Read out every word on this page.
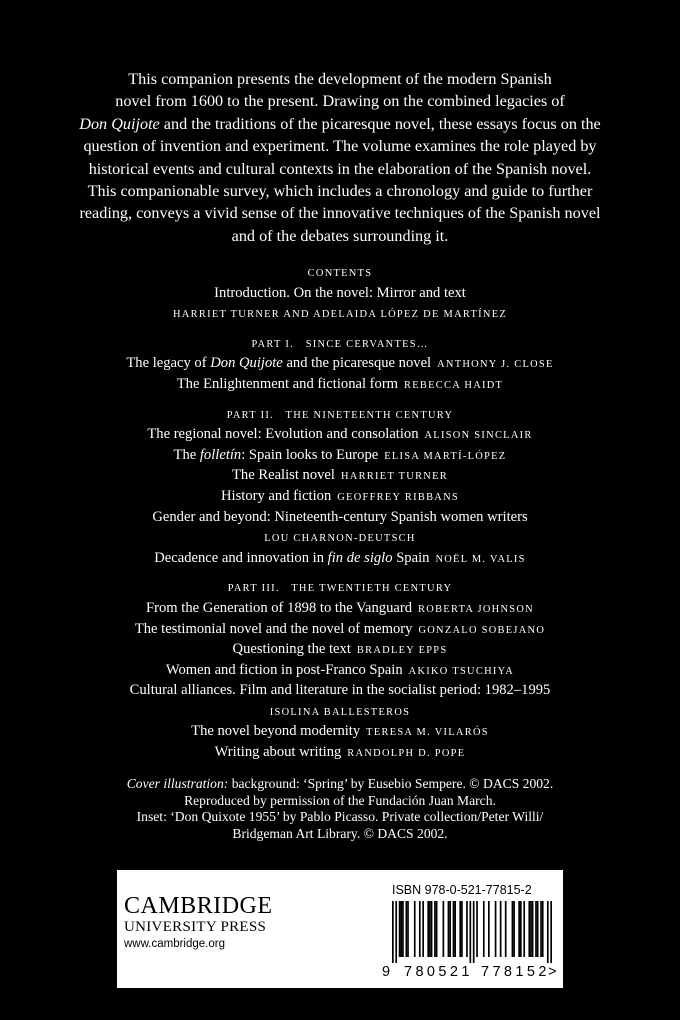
This companion presents the development of the modern Spanish

novel from 1600 to the present. Drawing on the combined legacies of

Don Quijote and the traditions of the picaresque novel, these essays focus on the

question of invention and experiment. The volume examines the role played by

historical events and cultural contexts in the elaboration of the Spanish novel.

This companionable survey, which includes a chronology and guide to further

reading, conveys a vivid sense of the innovative techniques of the Spanish novel

and of the debates surrounding it.

CONTENTS
Introduction. On the novel: Mirror and text
HARRIET TURNER AND ADELAIDA LÓPEZ DE MARTÍNEZ
PART I.   SINCE CERVANTES…
The legacy of Don Quijote and the picaresque novel ANTHONY J. CLOSE
The Enlightenment and fictional form REBECCA HAIDT
PART II.   THE NINETEENTH CENTURY
The regional novel: Evolution and consolation ALISON SINCLAIR
The folletín: Spain looks to Europe ELISA MARTÍ-LÓPEZ
The Realist novel HARRIET TURNER
History and fiction GEOFFREY RIBBANS
Gender and beyond: Nineteenth-century Spanish women writers
LOU CHARNON-DEUTSCH
Decadence and innovation in fin de siglo Spain NOËL M. VALIS
PART III.   THE TWENTIETH CENTURY
From the Generation of 1898 to the Vanguard ROBERTA JOHNSON
The testimonial novel and the novel of memory GONZALO SOBEJANO
Questioning the text BRADLEY EPPS
Women and fiction in post-Franco Spain AKIKO TSUCHIYA
Cultural alliances. Film and literature in the socialist period: 1982–1995
ISOLINA BALLESTEROS
The novel beyond modernity TERESA M. VILARÓS
Writing about writing RANDOLPH D. POPE
Cover illustration: background: ‘Spring’ by Eusebio Sempere. © DACS 2002.
Reproduced by permission of the Fundación Juan March.
Inset: ‘Don Quixote 1955’ by Pablo Picasso. Private collection/Peter Willi/
Bridgeman Art Library. © DACS 2002.
CAMBRIDGE
UNIVERSITY PRESS
www.cambridge.org
ISBN 978-0-521-77815-2
9 780521 778152
>
